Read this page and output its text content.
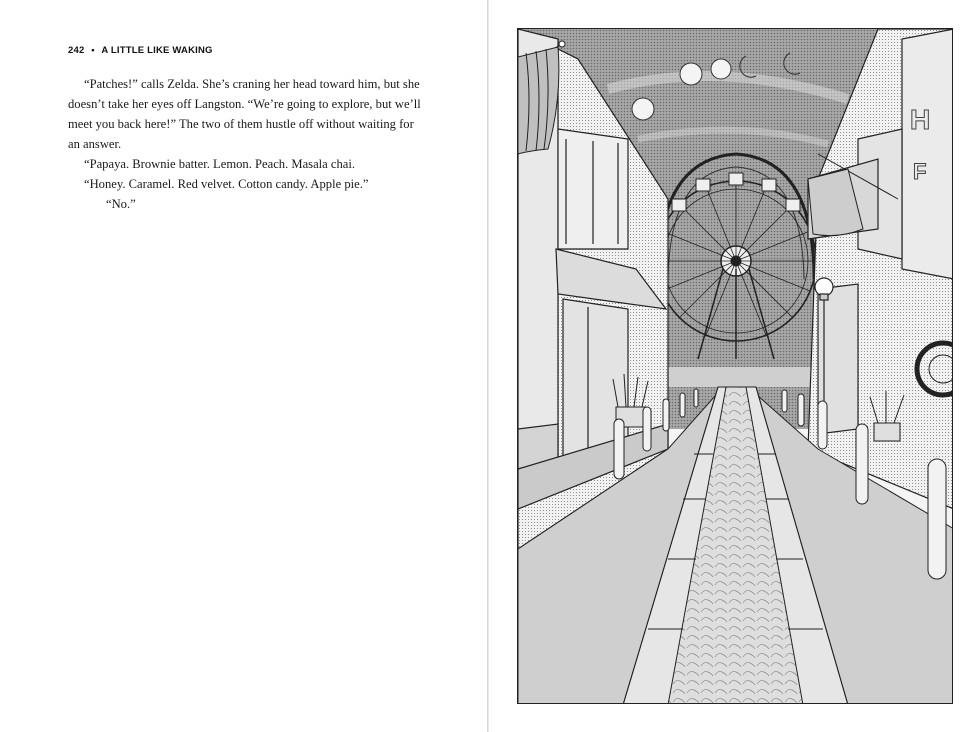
242 • A LITTLE LIKE WAKING

“Patches!” calls Zelda. She’s craning her head toward him, but she doesn’t take her eyes off Langston. “We’re going to explore, but we’ll meet you back here!” The two of them hustle off without waiting for an answer.

“Papaya. Brownie batter. Lemon. Peach. Masala chai.

“Honey. Caramel. Red velvet. Cotton candy. Apple pie.”

“No.”

H
F
